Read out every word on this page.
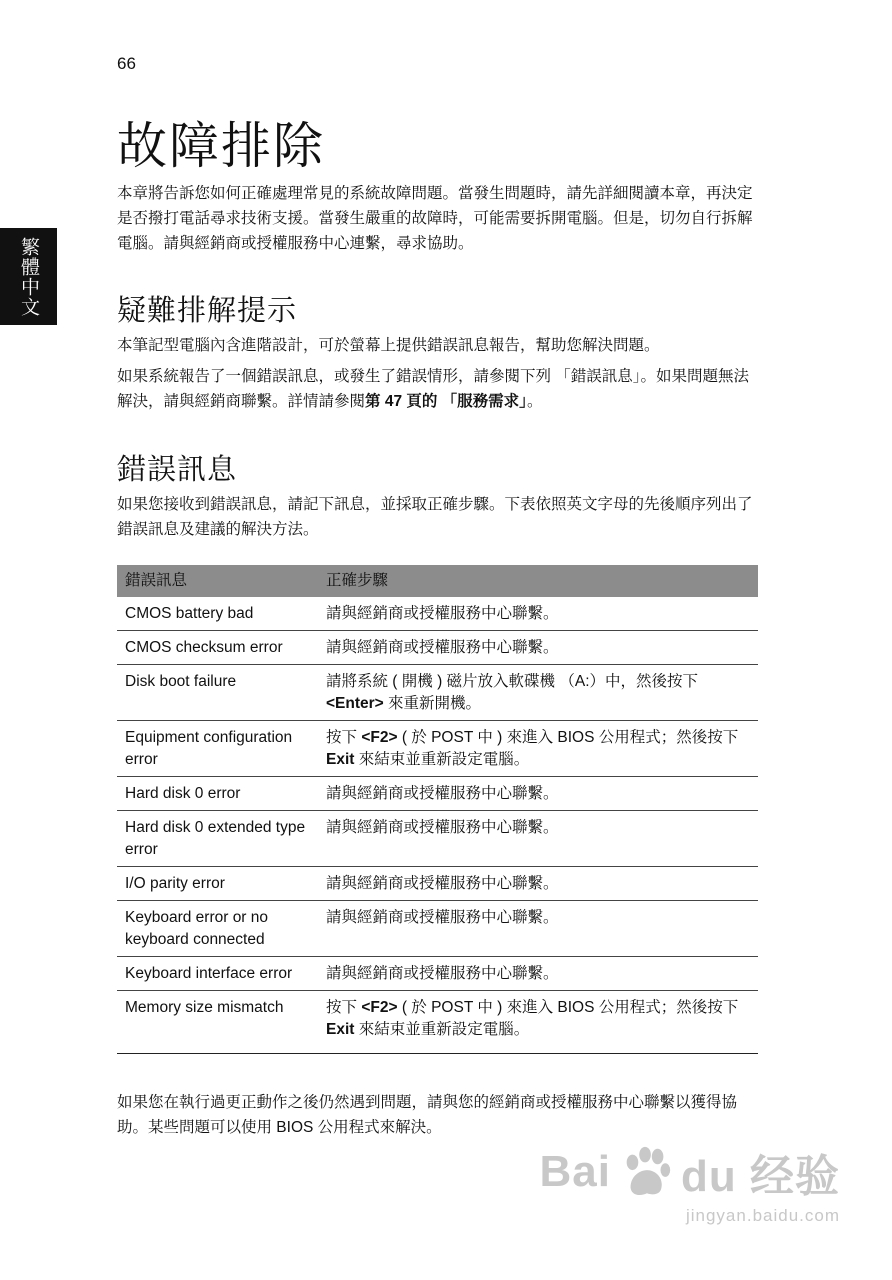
66
繁體中文
故障排除

本章將告訴您如何正確處理常見的系統故障問題。當發生問題時，請先詳細閱讀本章，再決定是否撥打電話尋求技術支援。當發生嚴重的故障時，可能需要拆開電腦。但是，切勿自行拆解電腦。請與經銷商或授權服務中心連繫，尋求協助。

疑難排解提示

本筆記型電腦內含進階設計，可於螢幕上提供錯誤訊息報告，幫助您解決問題。

如果系統報告了一個錯誤訊息，或發生了錯誤情形，請參閱下列 「錯誤訊息」。如果問題無法解決，請與經銷商聯繫。詳情請參閱第 47 頁的 「服務需求」。

錯誤訊息

如果您接收到錯誤訊息，請記下訊息，並採取正確步驟。下表依照英文字母的先後順序列出了錯誤訊息及建議的解決方法。

錯誤訊息	正確步驟
CMOS battery bad	請與經銷商或授權服務中心聯繫。
CMOS checksum error	請與經銷商或授權服務中心聯繫。
Disk boot failure	請將系統 ( 開機 ) 磁片放入軟碟機 （A:）中，然後按下 <Enter> 來重新開機。
Equipment configuration error	按下 <F2> ( 於 POST 中 ) 來進入 BIOS 公用程式；然後按下 Exit 來結束並重新設定電腦。
Hard disk 0 error	請與經銷商或授權服務中心聯繫。
Hard disk 0 extended type error	請與經銷商或授權服務中心聯繫。
I/O parity error	請與經銷商或授權服務中心聯繫。
Keyboard error or no keyboard connected	請與經銷商或授權服務中心聯繫。
Keyboard interface error	請與經銷商或授權服務中心聯繫。
Memory size mismatch	按下 <F2> ( 於 POST 中 ) 來進入 BIOS 公用程式；然後按下 Exit 來結束並重新設定電腦。

如果您在執行過更正動作之後仍然遇到問題，請與您的經銷商或授權服務中心聯繫以獲得協助。某些問題可以使用 BIOS 公用程式來解決。

Bai du 经验
jingyan.baidu.com
